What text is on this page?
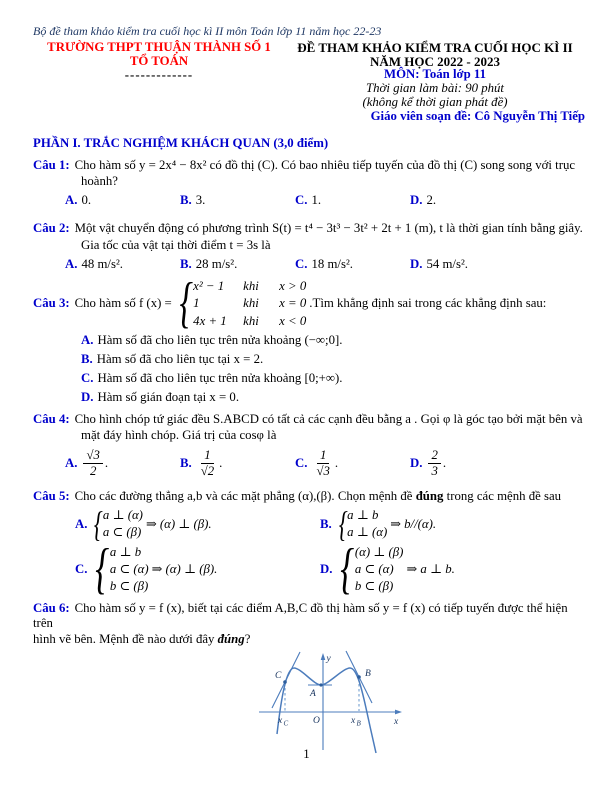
Bộ đề tham khảo kiểm tra cuối học kì II môn Toán lớp 11 năm học 22-23
TRƯỜNG THPT THUẬN THÀNH SỐ 1
TỔ TOÁN
-------------
ĐỀ THAM KHẢO KIỂM TRA CUỐI HỌC KÌ II
NĂM HỌC 2022 - 2023
MÔN: Toán lớp 11
Thời gian làm bài: 90 phút
(không kể thời gian phát đề)
Giáo viên soạn đề: Cô Nguyễn Thị Tiếp
PHẦN I. TRẮC NGHIỆM KHÁCH QUAN (3,0 điểm)
Câu 1: Cho hàm số y = 2x⁴ − 8x² có đồ thị (C). Có bao nhiêu tiếp tuyến của đồ thị (C) song song với trục
hoành?
A. 0.	B. 3.	C. 1.	D. 2.
Câu 2: Một vật chuyển động có phương trình S(t) = t⁴ − 3t³ − 3t² + 2t + 1 (m), t là thời gian tính bằng giây.
Gia tốc của vật tại thời điểm t = 3s là
A. 48 m/s².	B. 28 m/s².	C. 18 m/s².	D. 54 m/s².
Câu 3: Cho hàm số f (x) = { x² − 1	khi	x > 0
1	khi	x = 0
4x + 1	khi	x < 0
.Tìm khẳng định sai trong các khẳng định sau:
A. Hàm số đã cho liên tục trên nửa khoảng (−∞;0].
B. Hàm số đã cho liên tục tại x = 2.
C. Hàm số đã cho liên tục trên nửa khoảng [0;+∞).
D. Hàm số gián đoạn tại x = 0.
Câu 4: Cho hình chóp tứ giác đều S.ABCD có tất cả các cạnh đều bằng a . Gọi φ là góc tạo bởi mặt bên và
mặt đáy hình chóp. Giá trị của cosφ là
A. $\frac{√3}{2}$ .	B. $\frac{1}{√2}$ .	C. $\frac{1}{√3}$ .	D. $\frac{2}{3}$ .
Câu 5: Cho các đường thẳng a,b và các mặt phẳng (α),(β). Chọn mệnh đề đúng trong các mệnh đề sau
A. { a ⊥ (α)
a ⊂ (β)
⇒ (α) ⊥ (β).	B. { a ⊥ b
a ⊥ (α)
⇒ b//(α).
C. { a ⊥ b
a ⊂ (α)
b ⊂ (β)
⇒ (α) ⊥ (β).	D. { (α) ⊥ (β)
a ⊂ (α)
b ⊂ (β)
⇒ a ⊥ b.
Câu 6: Cho hàm số y = f (x), biết tại các điểm A,B,C đồ thị hàm số y = f (x) có tiếp tuyến được thể hiện trên
hình vẽ bên. Mệnh đề nào dưới đây đúng?
y
x
O
C	B
A
x C	x B
1
